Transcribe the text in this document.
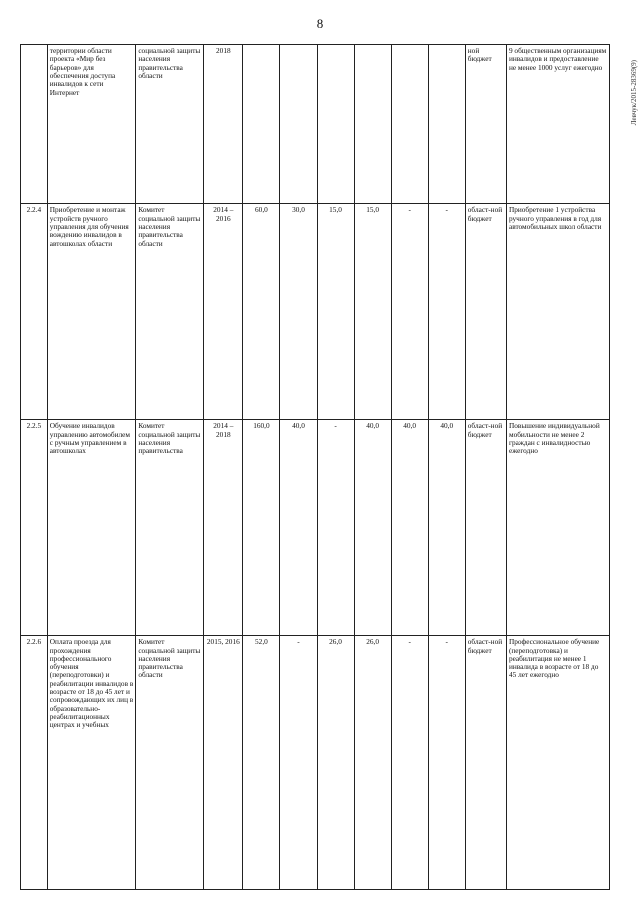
8
Левчук/2015-28369(9)
	территории области проекта «Мир без барьеров» для обеспечения доступа инвалидов к сети Интернет	социальной защиты населения правительства области	2018							ной бюджет	9 общественным организациям инвалидов и предоставление не менее 1000 услуг ежегодно
2.2.4	Приобретение и монтаж устройств ручного управления для обучения вождению инвалидов в автошколах области	Комитет социальной защиты населения правительства области	2014 – 2016	60,0	30,0	15,0	15,0	-	-	област-ной бюджет	Приобретение 1 устройства ручного управления в год для автомобильных школ области
2.2.5	Обучение инвалидов управлению автомобилем с ручным управлением в автошколах	Комитет социальной защиты населения правительства	2014 – 2018	160,0	40,0	-	40,0	40,0	40,0	област-ной бюджет	Повышение индивидуальной мобильности не менее 2 граждан с инвалидностью ежегодно
2.2.6	Оплата проезда для прохождения профессионального обучения (переподготовки) и реабилитации инвалидов в возрасте от 18 до 45 лет и сопровождающих их лиц в образовательно-реабилитационных центрах и учебных	Комитет социальной защиты населения правительства области	2015, 2016	52,0	-	26,0	26,0	-	-	област-ной бюджет	Профессиональное обучение (переподготовка) и реабилитация не менее 1 инвалида в возрасте от 18 до 45 лет ежегодно
